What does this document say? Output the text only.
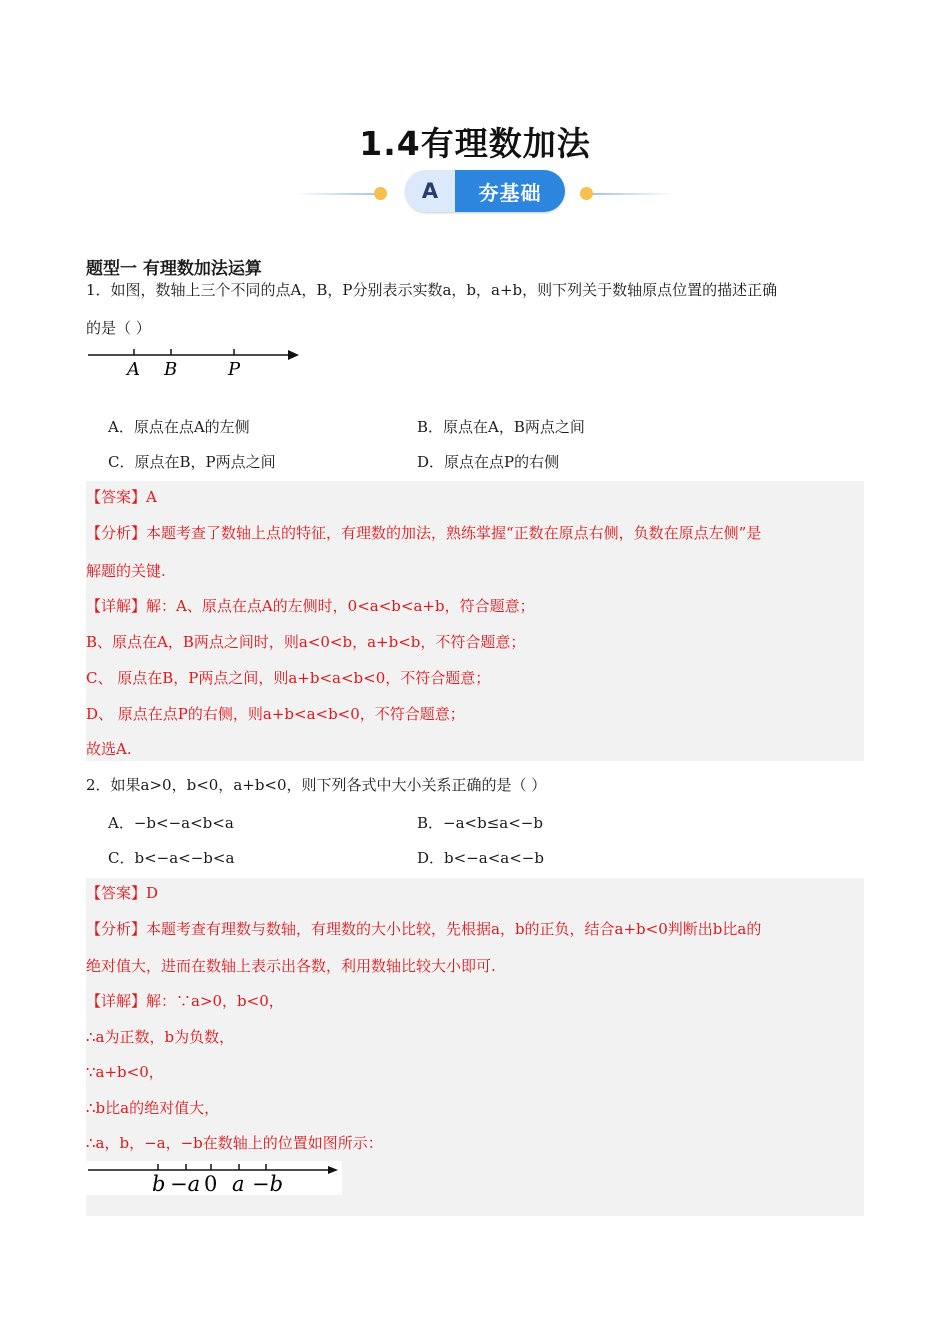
1.4有理数加法
A	夯基础
题型一 有理数加法运算
1．如图，数轴上三个不同的点A，B，P分别表示实数a，b，a+b，则下列关于数轴原点位置的描述正确
的是（ ）
A B	P
A．原点在点A的左侧	B．原点在A，B两点之间
C．原点在B，P两点之间	D．原点在点P的右侧
【答案】A
【分析】本题考查了数轴上点的特征，有理数的加法，熟练掌握“正数在原点右侧，负数在原点左侧”是
解题的关键.
【详解】解：A、原点在点A的左侧时，0<a<b<a+b，符合题意；
B、原点在A，B两点之间时，则a<0<b，a+b<b，不符合题意；
C、 原点在B，P两点之间，则a+b<a<b<0，不符合题意；
D、 原点在点P的右侧，则a+b<a<b<0，不符合题意；
故选A.
2．如果a>0，b<0，a+b<0，则下列各式中大小关系正确的是（ ）
A．−b<−a<b<a	B．−a<b≤a<−b
C．b<−a<−b<a	D．b<−a<a<−b
【答案】D
【分析】本题考查有理数与数轴，有理数的大小比较，先根据a，b的正负，结合a+b<0判断出b比a的
绝对值大，进而在数轴上表示出各数，利用数轴比较大小即可.
【详解】解：∵a>0，b<0，
∴a为正数，b为负数，
∵a+b<0，
∴b比a的绝对值大，
∴a，b，−a，−b在数轴上的位置如图所示：
b −a 0 a −b
